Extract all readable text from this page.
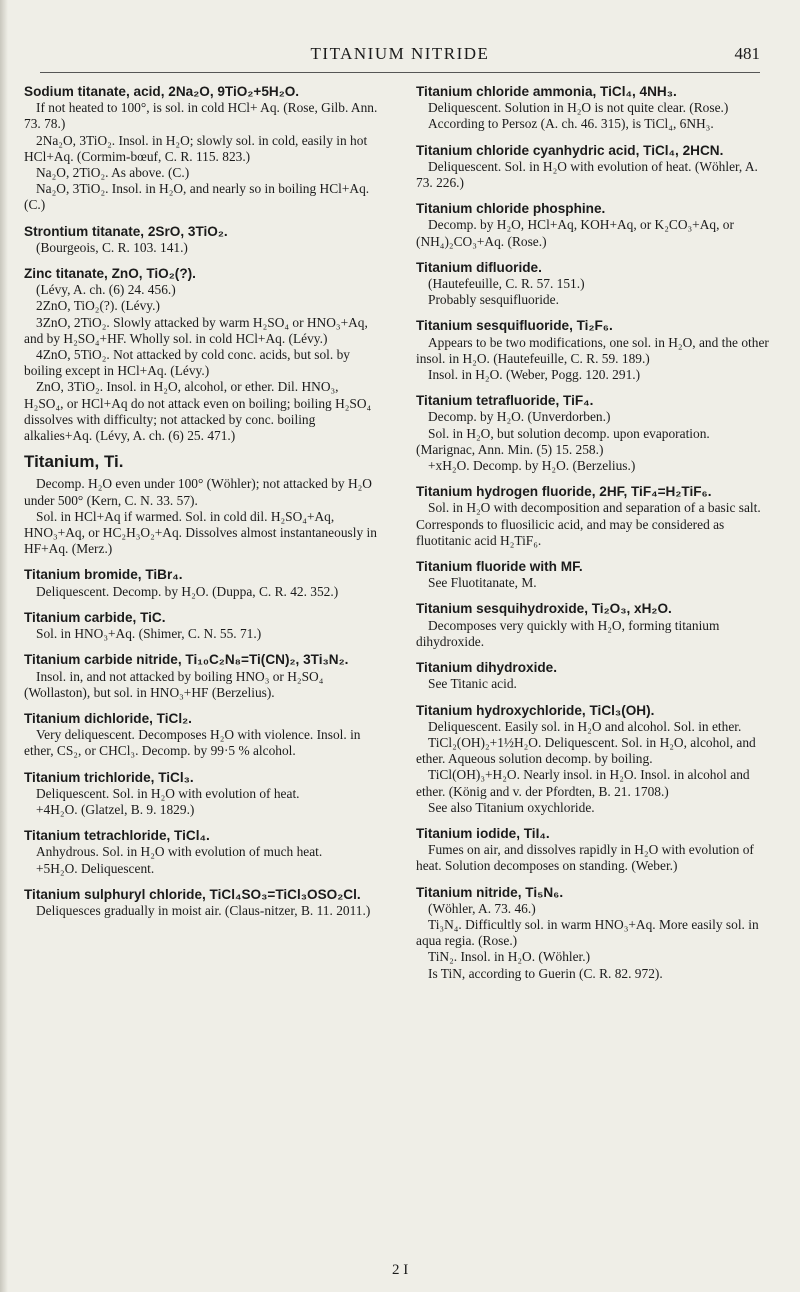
TITANIUM NITRIDE	481

Sodium titanate, acid, 2Na₂O, 9TiO₂+5H₂O.

If not heated to 100°, is sol. in cold HCl+ Aq. (Rose, Gilb. Ann. 73. 78.)

2Na₂O, 3TiO₂. Insol. in H₂O; slowly sol. in cold, easily in hot HCl+Aq. (Cormim-bœuf, C. R. 115. 823.)

Na₂O, 2TiO₂. As above. (C.)

Na₂O, 3TiO₂. Insol. in H₂O, and nearly so in boiling HCl+Aq. (C.)

Strontium titanate, 2SrO, 3TiO₂.

(Bourgeois, C. R. 103. 141.)

Zinc titanate, ZnO, TiO₂(?).

(Lévy, A. ch. (6) 24. 456.)

2ZnO, TiO₂(?). (Lévy.)

3ZnO, 2TiO₂. Slowly attacked by warm H₂SO₄ or HNO₃+Aq, and by H₂SO₄+HF. Wholly sol. in cold HCl+Aq. (Lévy.)

4ZnO, 5TiO₂. Not attacked by cold conc. acids, but sol. by boiling except in HCl+Aq. (Lévy.)

ZnO, 3TiO₂. Insol. in H₂O, alcohol, or ether. Dil. HNO₃, H₂SO₄, or HCl+Aq do not attack even on boiling; boiling H₂SO₄ dissolves with difficulty; not attacked by conc. boiling alkalies+Aq. (Lévy, A. ch. (6) 25. 471.)

Titanium, Ti.

Decomp. H₂O even under 100° (Wöhler); not attacked by H₂O under 500° (Kern, C. N. 33. 57).

Sol. in HCl+Aq if warmed. Sol. in cold dil. H₂SO₄+Aq, HNO₃+Aq, or HC₂H₃O₂+Aq. Dissolves almost instantaneously in HF+Aq. (Merz.)

Titanium bromide, TiBr₄.

Deliquescent. Decomp. by H₂O. (Duppa, C. R. 42. 352.)

Titanium carbide, TiC.

Sol. in HNO₃+Aq. (Shimer, C. N. 55. 71.)

Titanium carbide nitride, Ti₁₀C₂N₈=Ti(CN)₂, 3Ti₃N₂.

Insol. in, and not attacked by boiling HNO₃ or H₂SO₄ (Wollaston), but sol. in HNO₃+HF (Berzelius).

Titanium dichloride, TiCl₂.

Very deliquescent. Decomposes H₂O with violence. Insol. in ether, CS₂, or CHCl₃. Decomp. by 99·5 % alcohol.

Titanium trichloride, TiCl₃.

Deliquescent. Sol. in H₂O with evolution of heat.

+4H₂O. (Glatzel, B. 9. 1829.)

Titanium tetrachloride, TiCl₄.

Anhydrous. Sol. in H₂O with evolution of much heat.

+5H₂O. Deliquescent.

Titanium sulphuryl chloride, TiCl₄SO₃=TiCl₃OSO₂Cl.

Deliquesces gradually in moist air. (Claus-nitzer, B. 11. 2011.)

Titanium chloride ammonia, TiCl₄, 4NH₃.

Deliquescent. Solution in H₂O is not quite clear. (Rose.)

According to Persoz (A. ch. 46. 315), is TiCl₄, 6NH₃.

Titanium chloride cyanhydric acid, TiCl₄, 2HCN.

Deliquescent. Sol. in H₂O with evolution of heat. (Wöhler, A. 73. 226.)

Titanium chloride phosphine.

Decomp. by H₂O, HCl+Aq, KOH+Aq, or K₂CO₃+Aq, or (NH₄)₂CO₃+Aq. (Rose.)

Titanium difluoride.

(Hautefeuille, C. R. 57. 151.)

Probably sesquifluoride.

Titanium sesquifluoride, Ti₂F₆.

Appears to be two modifications, one sol. in H₂O, and the other insol. in H₂O. (Hautefeuille, C. R. 59. 189.)

Insol. in H₂O. (Weber, Pogg. 120. 291.)

Titanium tetrafluoride, TiF₄.

Decomp. by H₂O. (Unverdorben.)

Sol. in H₂O, but solution decomp. upon evaporation. (Marignac, Ann. Min. (5) 15. 258.)

+xH₂O. Decomp. by H₂O. (Berzelius.)

Titanium hydrogen fluoride, 2HF, TiF₄=H₂TiF₆.

Sol. in H₂O with decomposition and separation of a basic salt. Corresponds to fluosilicic acid, and may be considered as fluotitanic acid H₂TiF₆.

Titanium fluoride with MF.

See Fluotitanate, M.

Titanium sesquihydroxide, Ti₂O₃, xH₂O.

Decomposes very quickly with H₂O, forming titanium dihydroxide.

Titanium dihydroxide.

See Titanic acid.

Titanium hydroxychloride, TiCl₃(OH).

Deliquescent. Easily sol. in H₂O and alcohol. Sol. in ether.

TiCl₂(OH)₂+1½H₂O. Deliquescent. Sol. in H₂O, alcohol, and ether. Aqueous solution decomp. by boiling.

TiCl(OH)₃+H₂O. Nearly insol. in H₂O. Insol. in alcohol and ether. (König and v. der Pfordten, B. 21. 1708.)

See also Titanium oxychloride.

Titanium iodide, TiI₄.

Fumes on air, and dissolves rapidly in H₂O with evolution of heat. Solution decomposes on standing. (Weber.)

Titanium nitride, Ti₅N₆.

(Wöhler, A. 73. 46.)

Ti₃N₄. Difficultly sol. in warm HNO₃+Aq. More easily sol. in aqua regia. (Rose.)

TiN₂. Insol. in H₂O. (Wöhler.)

Is TiN, according to Guerin (C. R. 82. 972).

2 I
